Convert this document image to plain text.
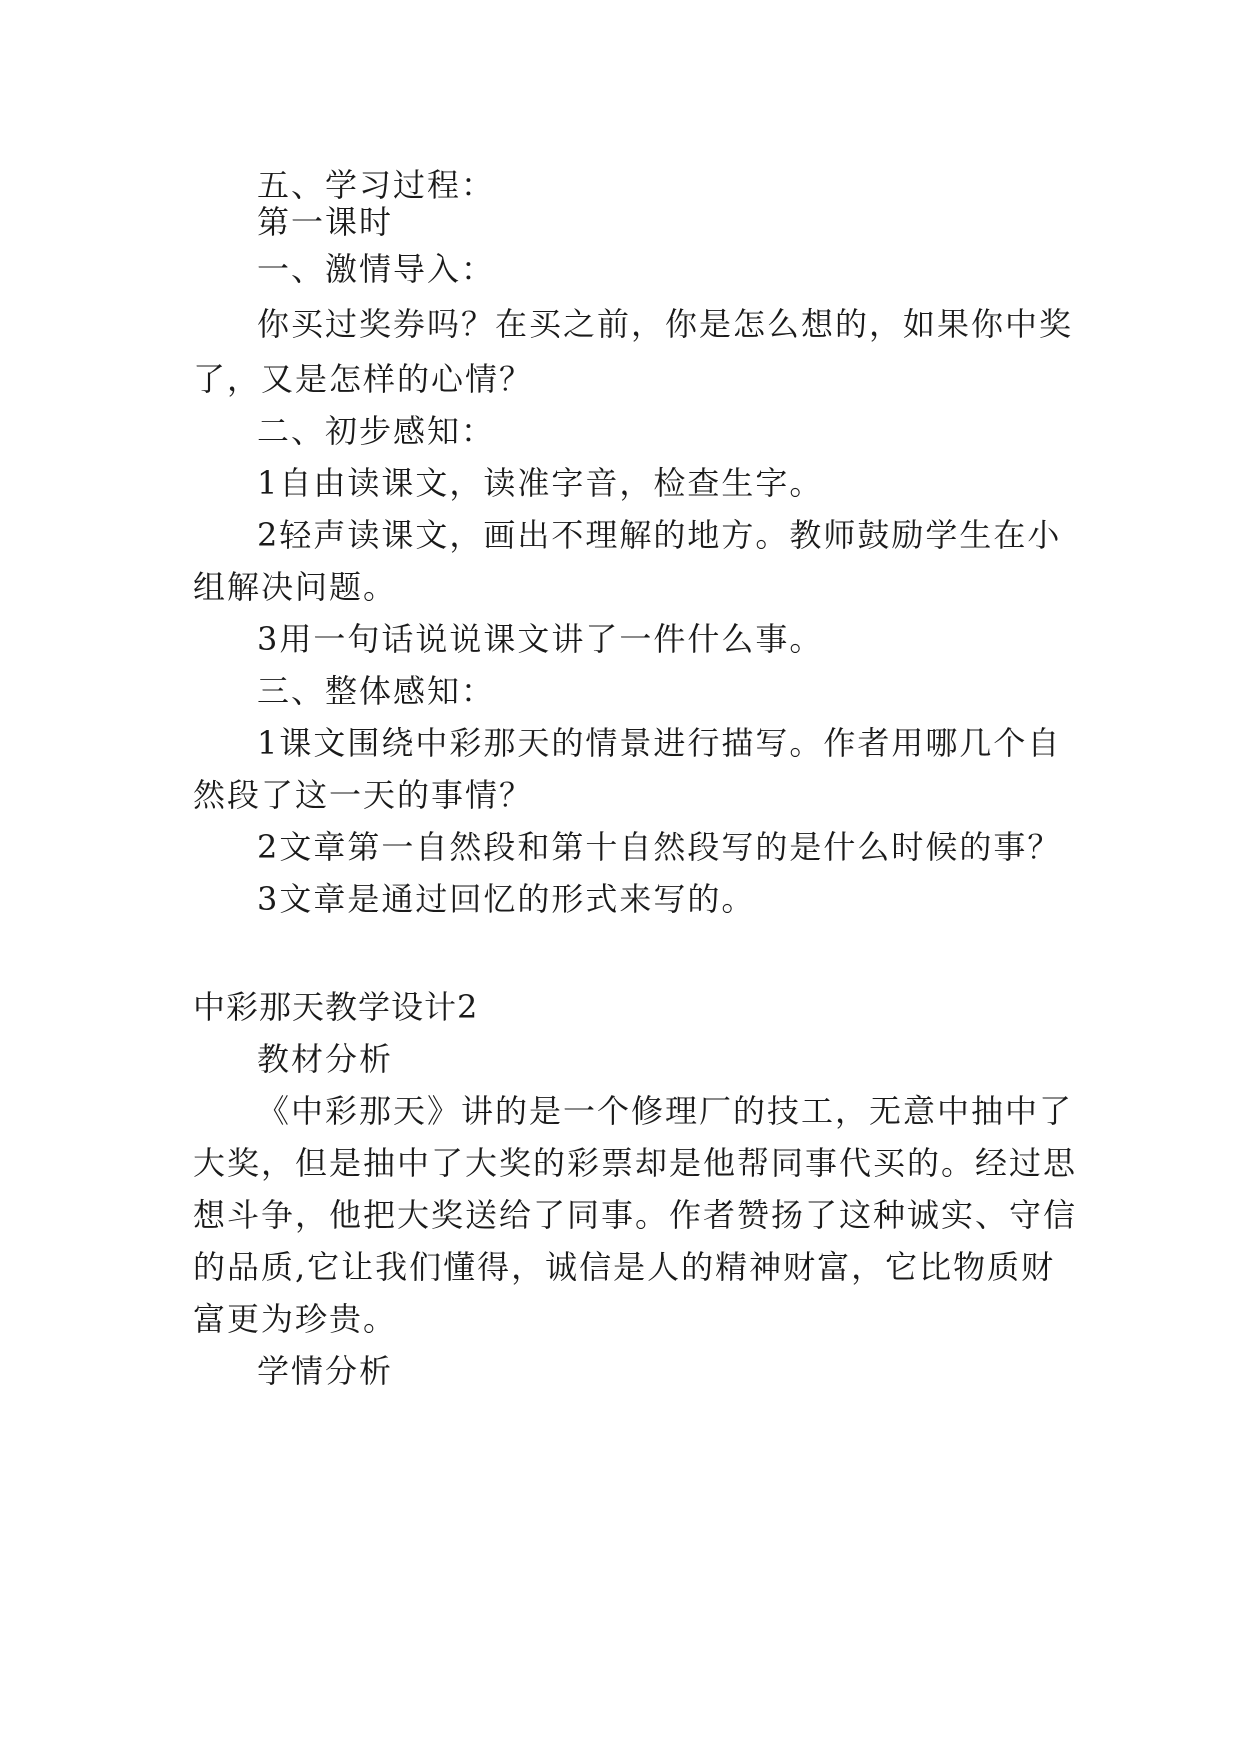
五、学习过程：
第一课时
一、激情导入：
你买过奖券吗？在买之前，你是怎么想的，如果你中奖
了，又是怎样的心情？
二、初步感知：
1自由读课文，读准字音，检查生字。
2轻声读课文，画出不理解的地方。教师鼓励学生在小
组解决问题。
3用一句话说说课文讲了一件什么事。
三、整体感知：
1课文围绕中彩那天的情景进行描写。作者用哪几个自
然段了这一天的事情？
2文章第一自然段和第十自然段写的是什么时候的事？
3文章是通过回忆的形式来写的。
中彩那天教学设计2
教材分析
《中彩那天》讲的是一个修理厂的技工，无意中抽中了
大奖，但是抽中了大奖的彩票却是他帮同事代买的。经过思
想斗争，他把大奖送给了同事。作者赞扬了这种诚实、守信
的品质,它让我们懂得，诚信是人的精神财富，它比物质财
富更为珍贵。
学情分析
